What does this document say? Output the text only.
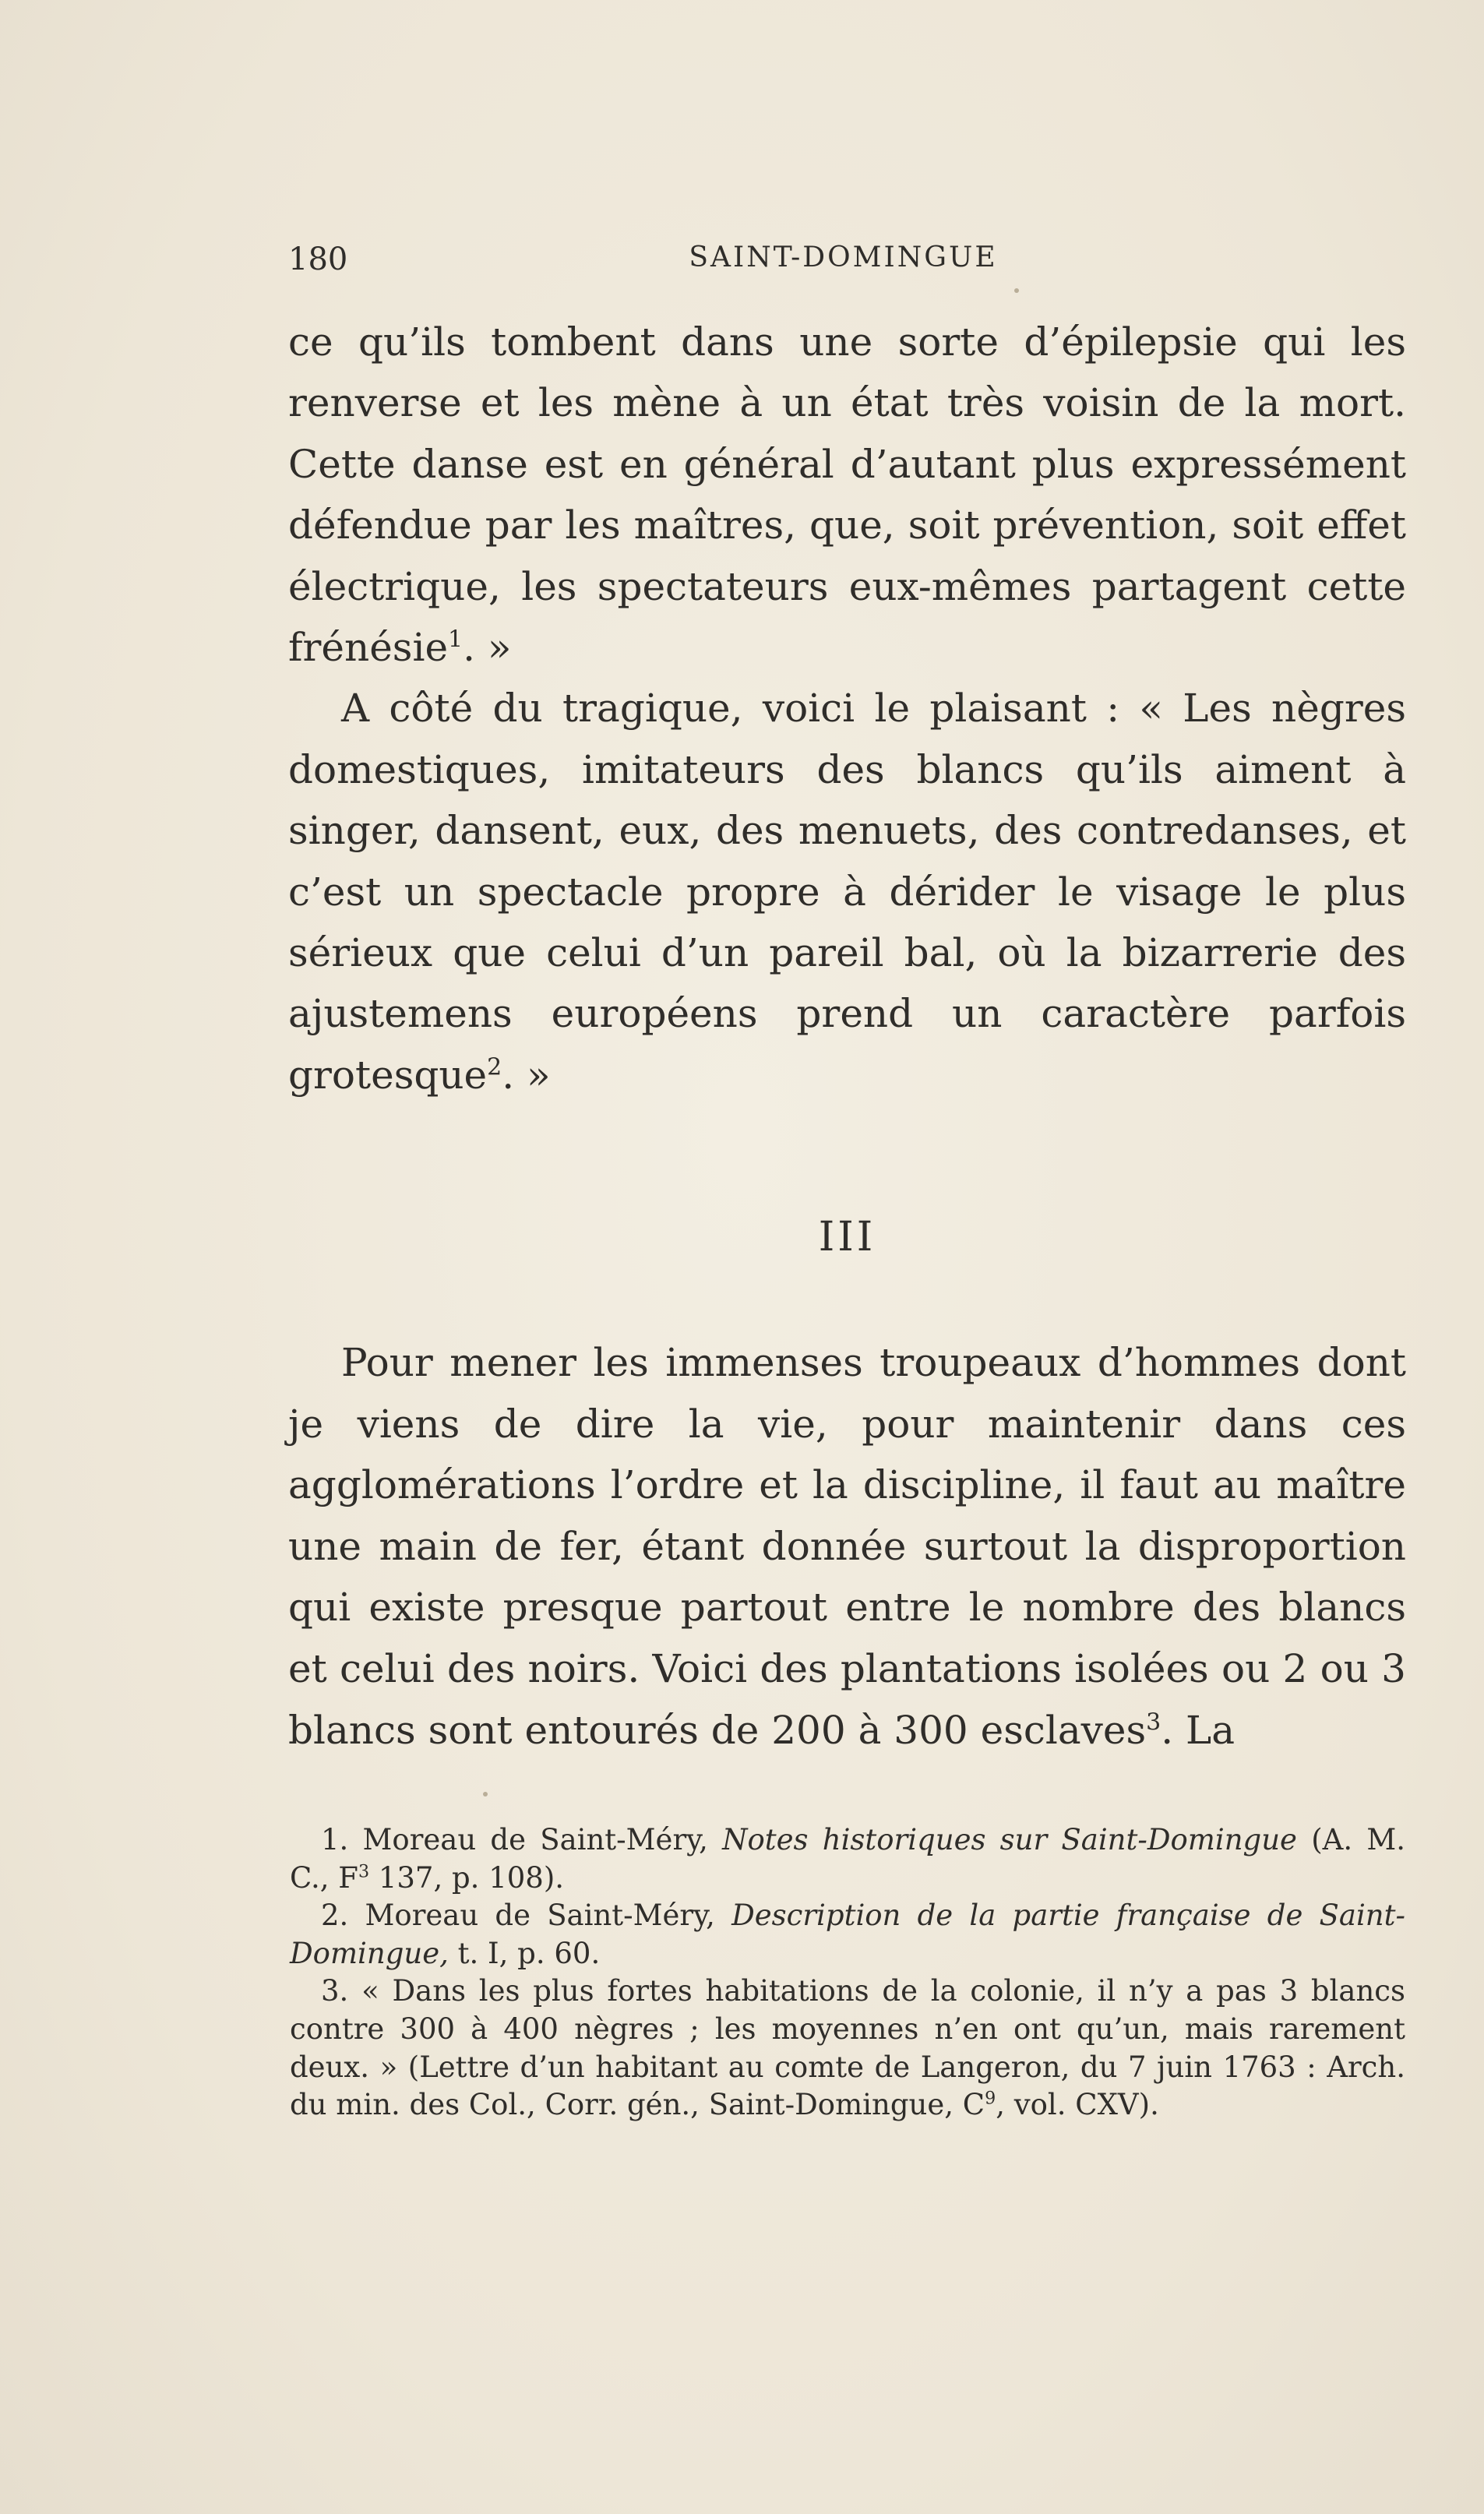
180	SAINT-DOMINGUE

ce qu’ils tombent dans une sorte d’épilepsie qui les renverse et les mène à un état très voisin de la mort. Cette danse est en général d’autant plus expressément défendue par les maîtres, que, soit prévention, soit effet électrique, les spectateurs eux-mêmes partagent cette frénésie$^1$. »

A côté du tragique, voici le plaisant : « Les nègres domestiques, imitateurs des blancs qu’ils aiment à singer, dansent, eux, des menuets, des contredanses, et c’est un spectacle propre à dérider le visage le plus sérieux que celui d’un pareil bal, où la bizarrerie des ajustemens européens prend un caractère parfois grotesque$^2$. »

III

Pour mener les immenses troupeaux d’hommes dont je viens de dire la vie, pour maintenir dans ces agglomérations l’ordre et la discipline, il faut au maître une main de fer, étant donnée surtout la disproportion qui existe presque partout entre le nombre des blancs et celui des noirs. Voici des plantations isolées ou 2 ou 3 blancs sont entourés de 200 à 300 esclaves$^3$. La

1. Moreau de Saint-Méry, Notes historiques sur Saint-Domingue (A. M. C., $F^3$ 137, p. 108).

2. Moreau de Saint-Méry, Description de la partie française de Saint-Domingue, t. I, p. 60.

3. « Dans les plus fortes habitations de la colonie, il n’y a pas 3 blancs contre 300 à 400 nègres ; les moyennes n’en ont qu’un, mais rarement deux. » (Lettre d’un habitant au comte de Langeron, du 7 juin 1763 : Arch. du min. des Col., Corr. gén., Saint-Domingue, $C^9$, vol. CXV).
